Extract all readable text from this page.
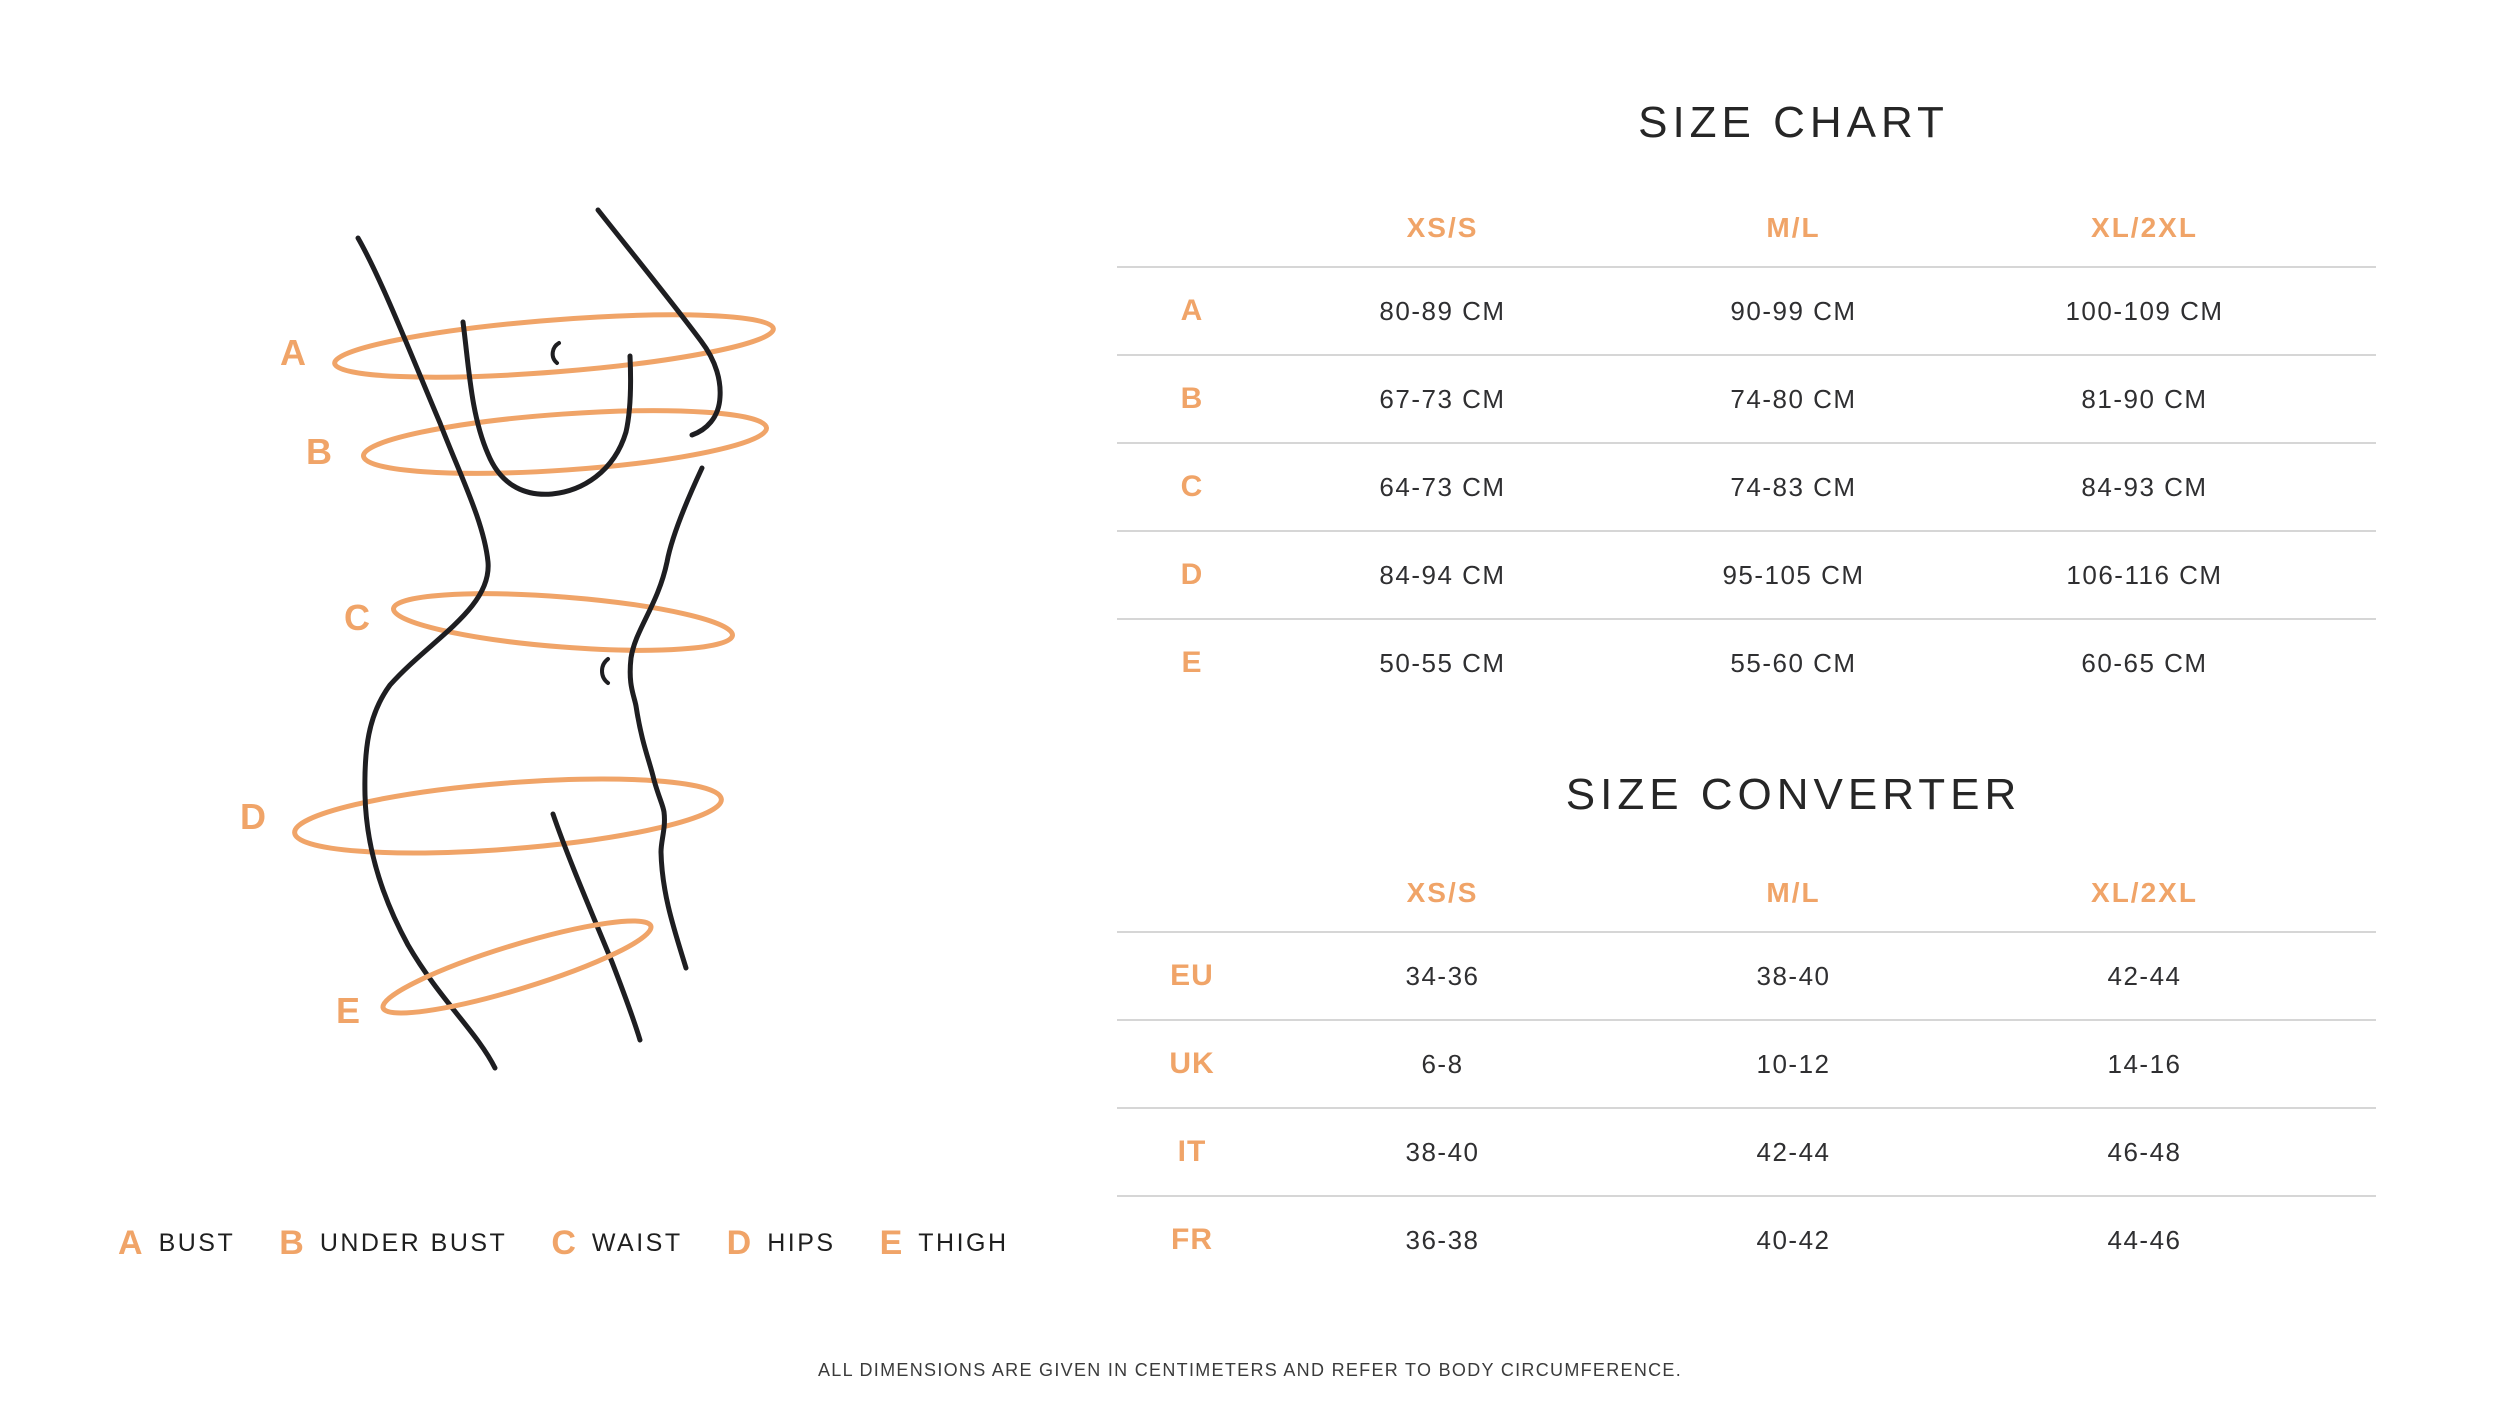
A
B
C
D
E
A BUST B UNDER BUST C WAIST D HIPS E THIGH
SIZE CHART
XS/S	M/L	XL/2XL
A	80-89 CM	90-99 CM	100-109 CM
B	67-73 CM	74-80 CM	81-90 CM
C	64-73 CM	74-83 CM	84-93 CM
D	84-94 CM	95-105 CM	106-116 CM
E	50-55 CM	55-60 CM	60-65 CM
SIZE CONVERTER
XS/S	M/L	XL/2XL
EU	34-36	38-40	42-44
UK	6-8	10-12	14-16
IT	38-40	42-44	46-48
FR	36-38	40-42	44-46

ALL DIMENSIONS ARE GIVEN IN CENTIMETERS AND REFER TO BODY CIRCUMFERENCE.
